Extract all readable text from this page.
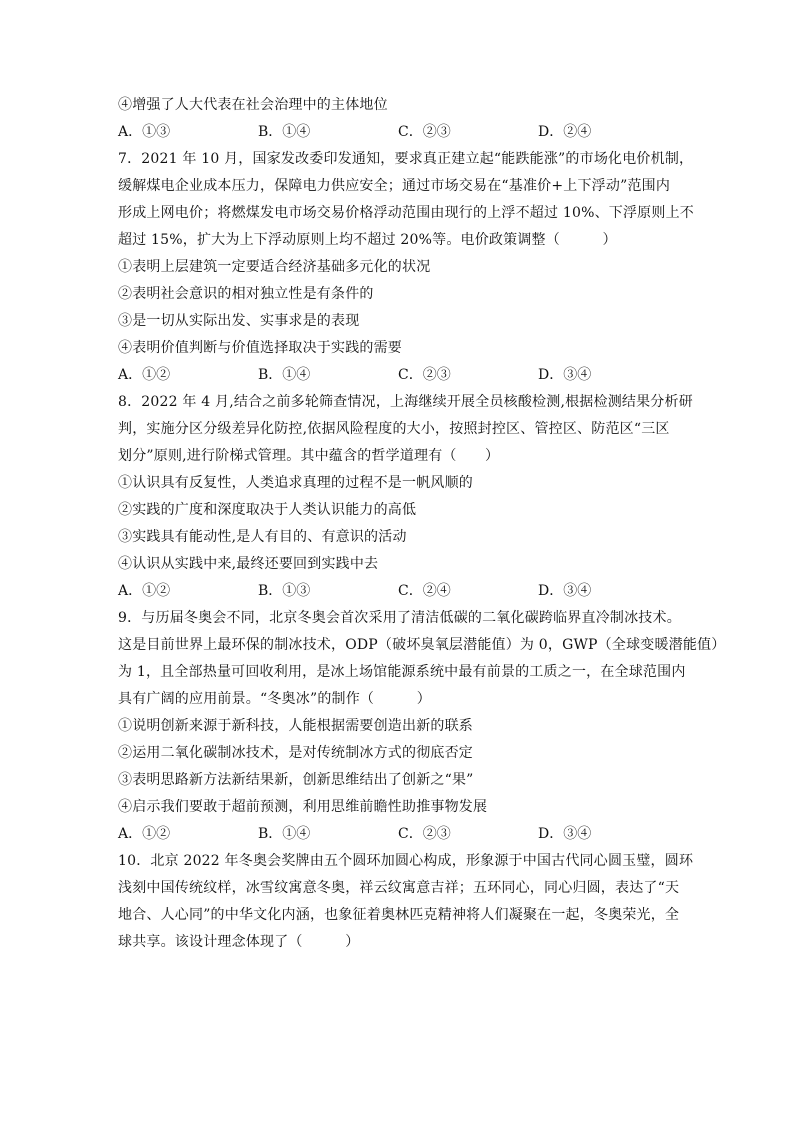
④增强了人大代表在社会治理中的主体地位
A．①③	B．①④	C．②③	D．②④
7．2021 年 10 月，国家发改委印发通知，要求真正建立起“能跌能涨”的市场化电价机制，
缓解煤电企业成本压力，保障电力供应安全；通过市场交易在“基准价+上下浮动”范围内
形成上网电价；将燃煤发电市场交易价格浮动范围由现行的上浮不超过 10%、下浮原则上不
超过 15%，扩大为上下浮动原则上均不超过 20%等。电价政策调整（　　　）
①表明上层建筑一定要适合经济基础多元化的状况
②表明社会意识的相对独立性是有条件的
③是一切从实际出发、实事求是的表现
④表明价值判断与价值选择取决于实践的需要
A．①②	B．①④	C．②③	D．③④
8．2022 年 4 月,结合之前多轮筛查情况，上海继续开展全员核酸检测,根据检测结果分析研
判，实施分区分级差异化防控,依据风险程度的大小，按照封控区、管控区、防范区“三区
划分”原则,进行阶梯式管理。其中蕴含的哲学道理有（　　）
①认识具有反复性，人类追求真理的过程不是一帆风顺的
②实践的广度和深度取决于人类认识能力的高低
③实践具有能动性,是人有目的、有意识的活动
④认识从实践中来,最终还要回到实践中去
A．①②	B．①③	C．②④	D．③④
9．与历届冬奥会不同，北京冬奥会首次采用了清洁低碳的二氧化碳跨临界直冷制冰技术。
这是目前世界上最环保的制冰技术，ODP（破坏臭氧层潜能值）为 0，GWP（全球变暖潜能值）
为 1，且全部热量可回收利用，是冰上场馆能源系统中最有前景的工质之一，在全球范围内
具有广阔的应用前景。“冬奥冰”的制作（　　　）
①说明创新来源于新科技，人能根据需要创造出新的联系
②运用二氧化碳制冰技术，是对传统制冰方式的彻底否定
③表明思路新方法新结果新，创新思维结出了创新之“果”
④启示我们要敢于超前预测，利用思维前瞻性助推事物发展
A．①②	B．①④	C．②③	D．③④
10．北京 2022 年冬奥会奖牌由五个圆环加圆心构成，形象源于中国古代同心圆玉璧，圆环
浅刻中国传统纹样，冰雪纹寓意冬奥，祥云纹寓意吉祥；五环同心，同心归圆，表达了“天
地合、人心同”的中华文化内涵，也象征着奥林匹克精神将人们凝聚在一起，冬奥荣光，全
球共享。该设计理念体现了（　　　）
